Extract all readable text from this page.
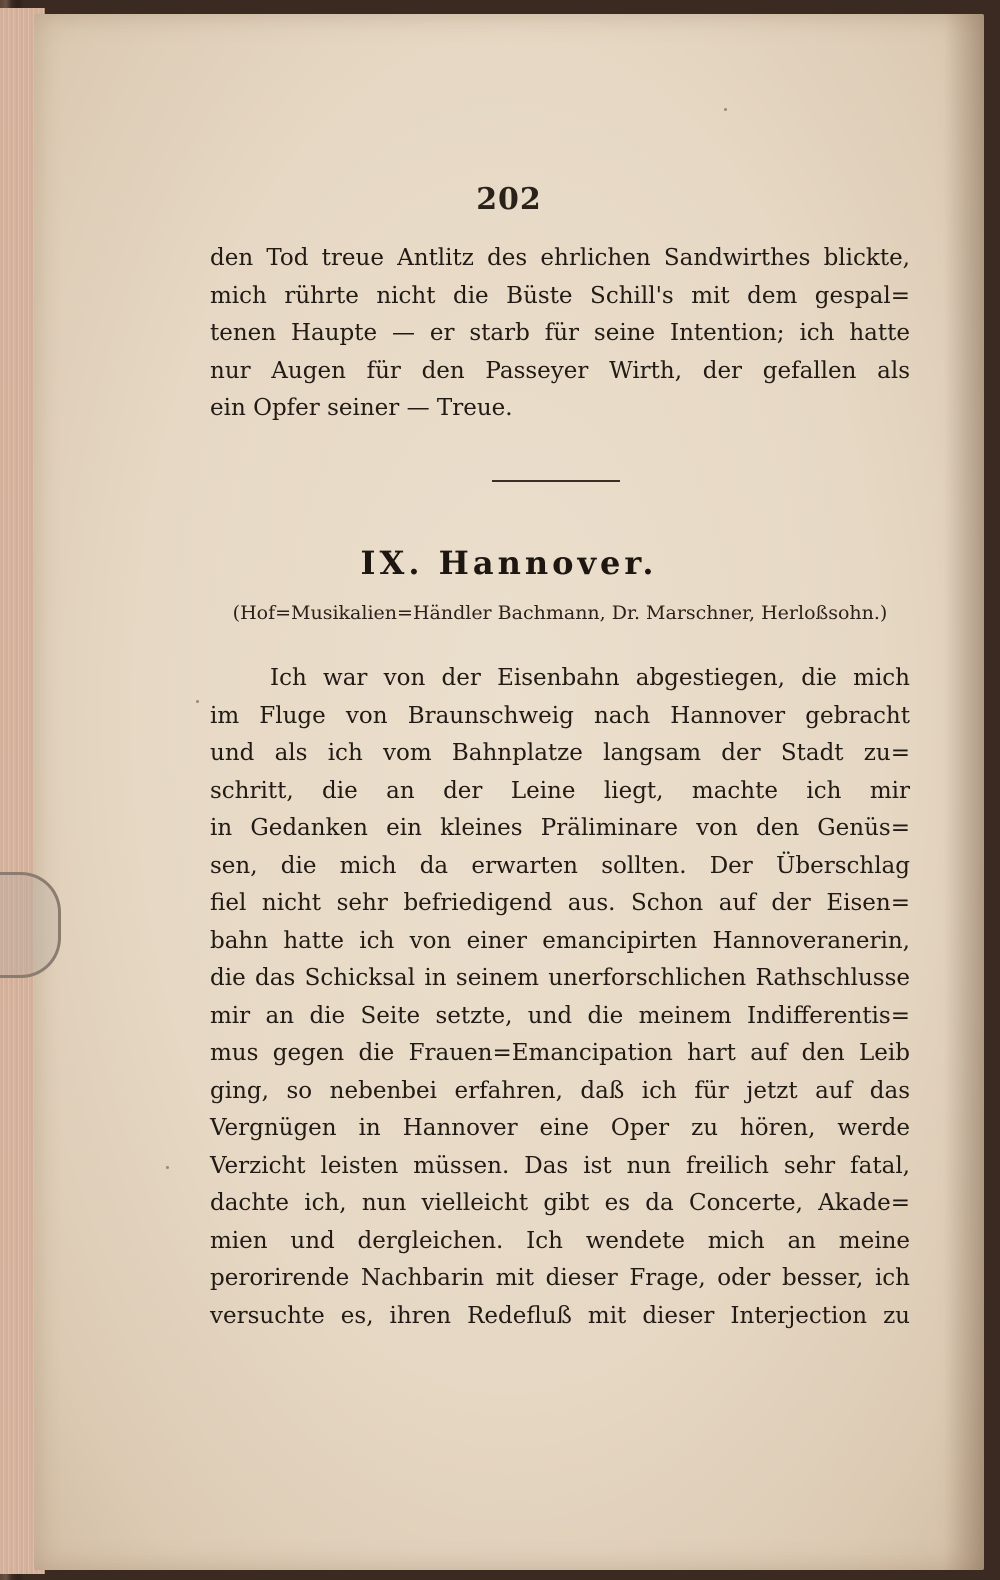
202
den Tod treue Antlitz des ehrlichen Sandwirthes blickte,
mich rührte nicht die Büste Schill's mit dem gespal=
tenen Haupte — er starb für seine Intention; ich hatte
nur Augen für den Passeyer Wirth, der gefallen als
ein Opfer seiner — Treue.
IX. Hannover.
(Hof=Musikalien=Händler Bachmann, Dr. Marschner, Herloßsohn.)
Ich war von der Eisenbahn abgestiegen, die mich
im Fluge von Braunschweig nach Hannover gebracht
und als ich vom Bahnplatze langsam der Stadt zu=
schritt, die an der Leine liegt, machte ich mir
in Gedanken ein kleines Präliminare von den Genüs=
sen, die mich da erwarten sollten. Der Überschlag
fiel nicht sehr befriedigend aus. Schon auf der Eisen=
bahn hatte ich von einer emancipirten Hannoveranerin,
die das Schicksal in seinem unerforschlichen Rathschlusse
mir an die Seite setzte, und die meinem Indifferentis=
mus gegen die Frauen=Emancipation hart auf den Leib
ging, so nebenbei erfahren, daß ich für jetzt auf das
Vergnügen in Hannover eine Oper zu hören, werde
Verzicht leisten müssen. Das ist nun freilich sehr fatal,
dachte ich, nun vielleicht gibt es da Concerte, Akade=
mien und dergleichen. Ich wendete mich an meine
perorirende Nachbarin mit dieser Frage, oder besser, ich
versuchte es, ihren Redefluß mit dieser Interjection zu
